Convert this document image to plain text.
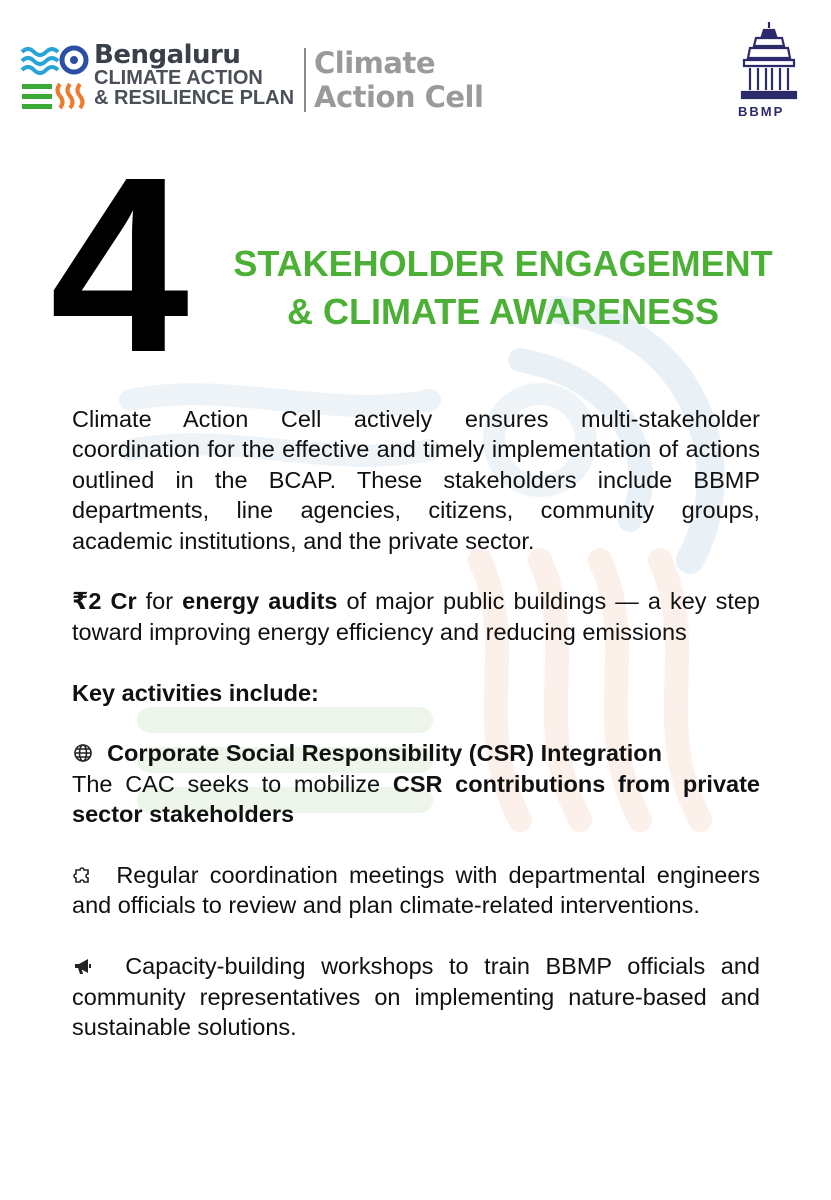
Bengaluru
CLIMATE ACTION
& RESILIENCE PLAN
Climate
Action Cell	BBMP
4	STAKEHOLDER ENGAGEMENT
& CLIMATE AWARENESS

Climate Action Cell actively ensures multi-stakeholder coordination for the effective and timely implementation of actions outlined in the BCAP. These stakeholders include BBMP departments, line agencies, citizens, community groups, academic institutions, and the private sector.

₹2 Cr for energy audits of major public buildings — a key step toward improving energy efficiency and reducing emissions

Key activities include:

Corporate Social Responsibility (CSR) Integration

The CAC seeks to mobilize CSR contributions from private sector stakeholders

Regular coordination meetings with departmental engineers and officials to review and plan climate-related interventions.

Capacity-building workshops to train BBMP officials and community representatives on implementing nature-based and sustainable solutions.
